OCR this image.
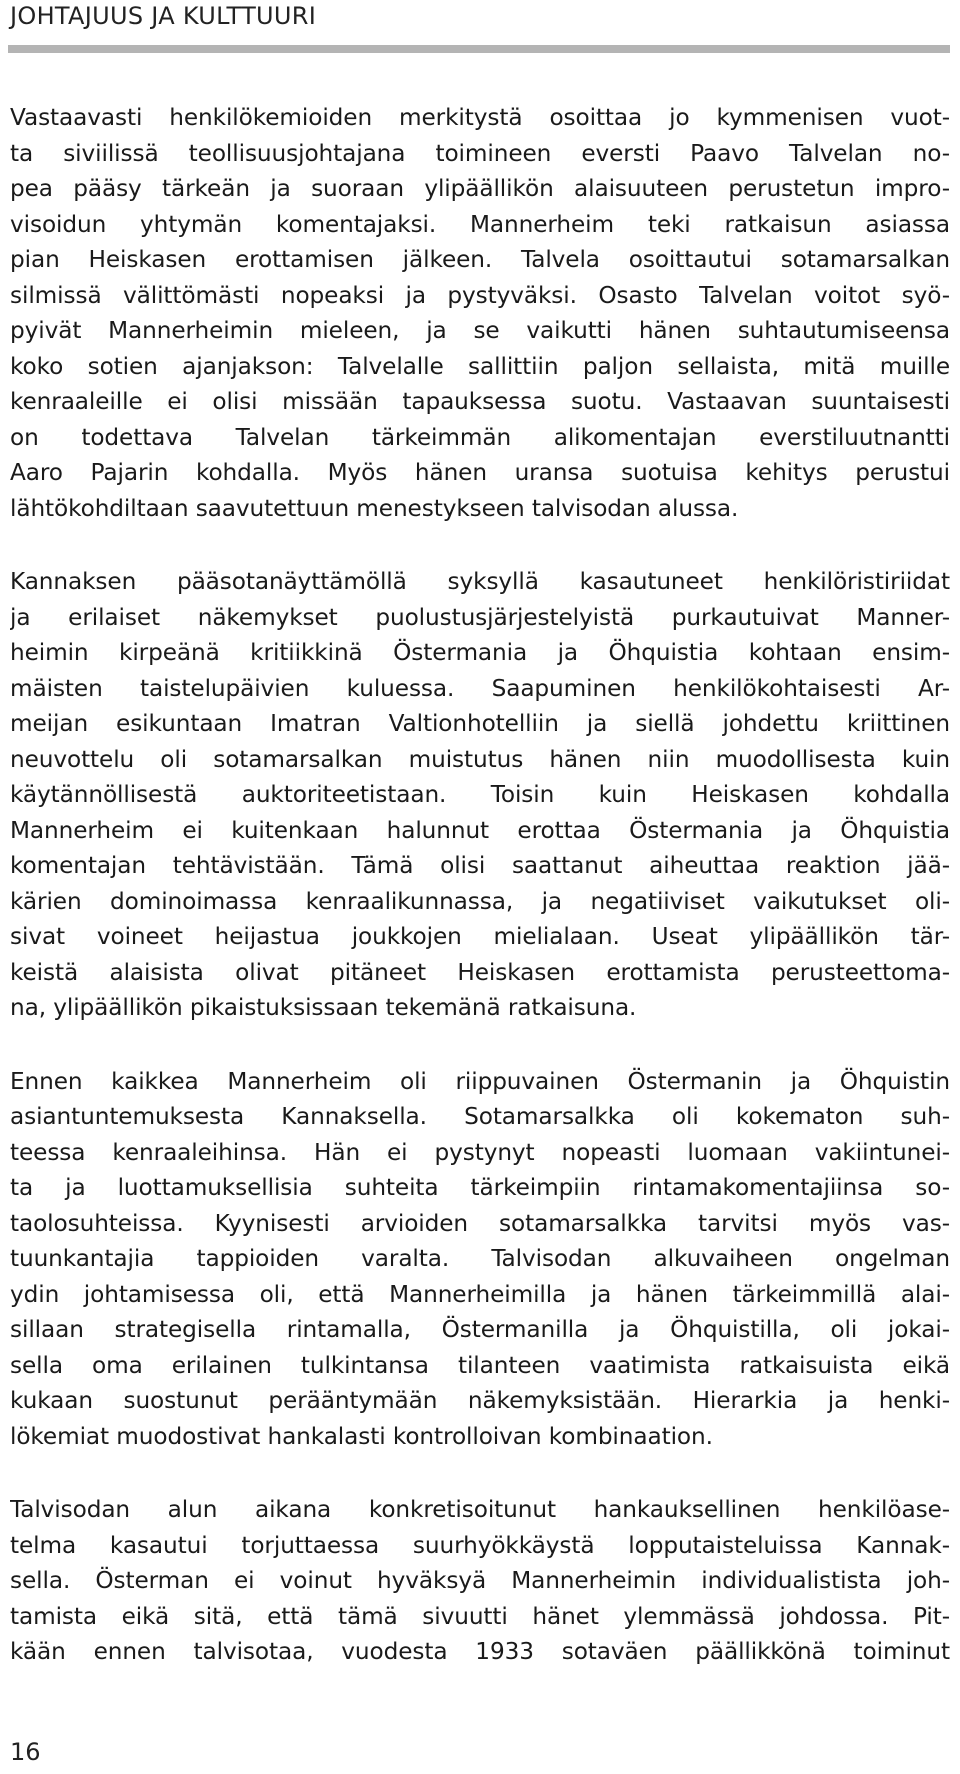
JOHTAJUUS JA KULTTUURI
Vastaavasti henkilökemioiden merkitystä osoittaa jo kymmenisen vuot-
ta siviilissä teollisuusjohtajana toimineen eversti Paavo Talvelan no-
pea pääsy tärkeän ja suoraan ylipäällikön alaisuuteen perustetun impro-
visoidun yhtymän komentajaksi. Mannerheim teki ratkaisun asiassa
pian Heiskasen erottamisen jälkeen. Talvela osoittautui sotamarsalkan
silmissä välittömästi nopeaksi ja pystyväksi. Osasto Talvelan voitot syö-
pyivät Mannerheimin mieleen, ja se vaikutti hänen suhtautumiseensa
koko sotien ajanjakson: Talvelalle sallittiin paljon sellaista, mitä muille
kenraaleille ei olisi missään tapauksessa suotu. Vastaavan suuntaisesti
on todettava Talvelan tärkeimmän alikomentajan everstiluutnantti
Aaro Pajarin kohdalla. Myös hänen uransa suotuisa kehitys perustui
lähtökohdiltaan saavutettuun menestykseen talvisodan alussa.
Kannaksen pääsotanäyttämöllä syksyllä kasautuneet henkilöristiriidat
ja erilaiset näkemykset puolustusjärjestelyistä purkautuivat Manner-
heimin kirpeänä kritiikkinä Östermania ja Öhquistia kohtaan ensim-
mäisten taistelupäivien kuluessa. Saapuminen henkilökohtaisesti Ar-
meijan esikuntaan Imatran Valtionhotelliin ja siellä johdettu kriittinen
neuvottelu oli sotamarsalkan muistutus hänen niin muodollisesta kuin
käytännöllisestä auktoriteetistaan. Toisin kuin Heiskasen kohdalla
Mannerheim ei kuitenkaan halunnut erottaa Östermania ja Öhquistia
komentajan tehtävistään. Tämä olisi saattanut aiheuttaa reaktion jää-
kärien dominoimassa kenraalikunnassa, ja negatiiviset vaikutukset oli-
sivat voineet heijastua joukkojen mielialaan. Useat ylipäällikön tär-
keistä alaisista olivat pitäneet Heiskasen erottamista perusteettoma-
na, ylipäällikön pikaistuksissaan tekemänä ratkaisuna.
Ennen kaikkea Mannerheim oli riippuvainen Östermanin ja Öhquistin
asiantuntemuksesta Kannaksella. Sotamarsalkka oli kokematon suh-
teessa kenraaleihinsa. Hän ei pystynyt nopeasti luomaan vakiintunei-
ta ja luottamuksellisia suhteita tärkeimpiin rintamakomentajiinsa so-
taolosuhteissa. Kyynisesti arvioiden sotamarsalkka tarvitsi myös vas-
tuunkantajia tappioiden varalta. Talvisodan alkuvaiheen ongelman
ydin johtamisessa oli, että Mannerheimilla ja hänen tärkeimmillä alai-
sillaan strategisella rintamalla, Östermanilla ja Öhquistilla, oli jokai-
sella oma erilainen tulkintansa tilanteen vaatimista ratkaisuista eikä
kukaan suostunut perääntymään näkemyksistään. Hierarkia ja henki-
lökemiat muodostivat hankalasti kontrolloivan kombinaation.
Talvisodan alun aikana konkretisoitunut hankauksellinen henkilöase-
telma kasautui torjuttaessa suurhyökkäystä lopputaisteluissa Kannak-
sella. Österman ei voinut hyväksyä Mannerheimin individualistista joh-
tamista eikä sitä, että tämä sivuutti hänet ylemmässä johdossa. Pit-
kään ennen talvisotaa, vuodesta 1933 sotaväen päällikkönä toiminut
16
